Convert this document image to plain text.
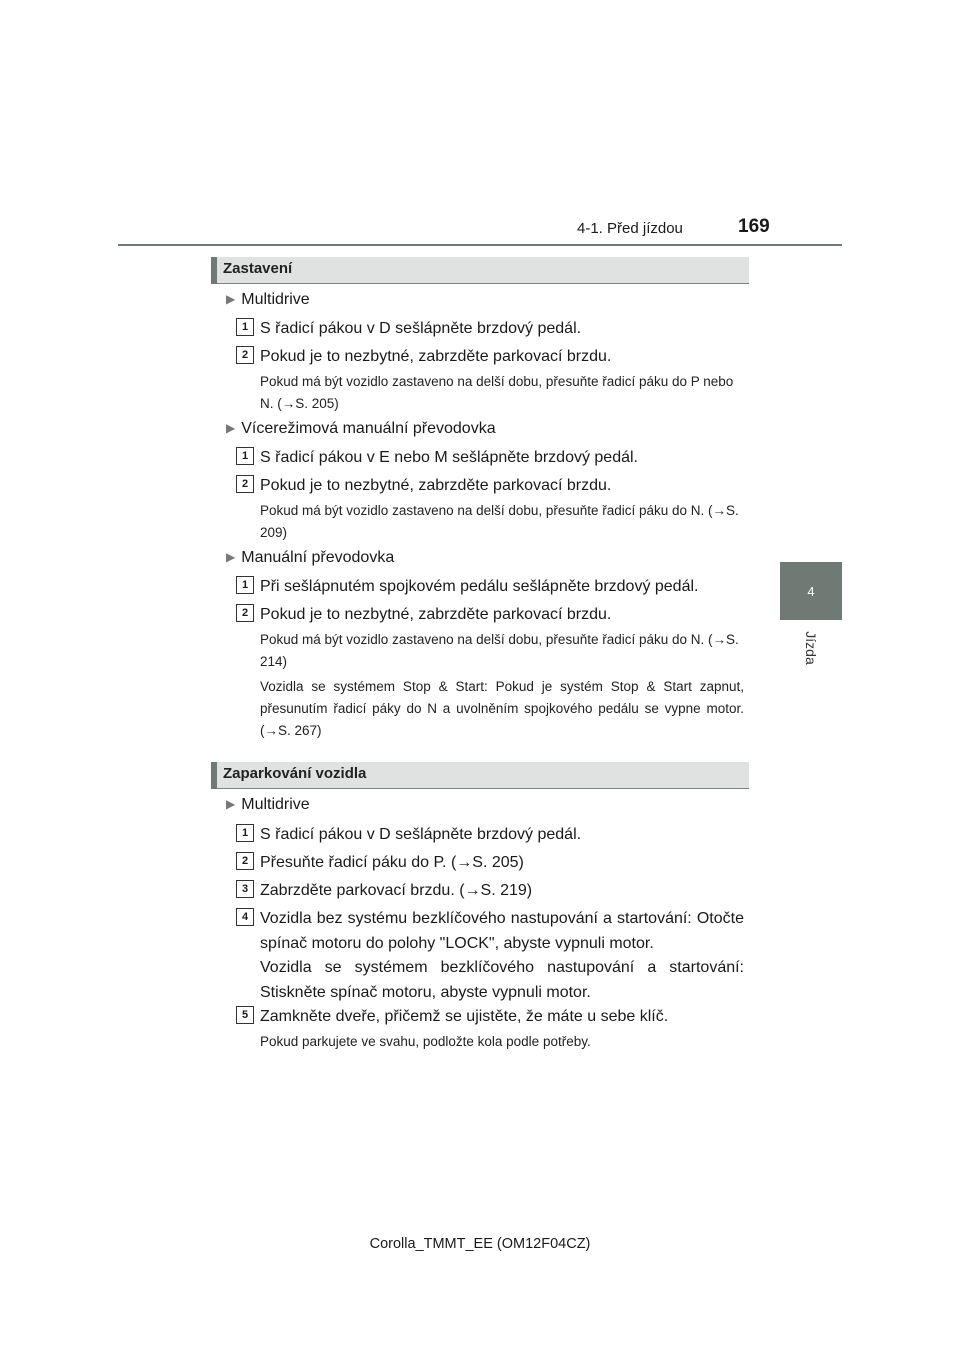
4-1. Před jízdou	169
4
Jízda
Zastavení
▶ Multidrive
1 S řadicí pákou v D sešlápněte brzdový pedál.
2 Pokud je to nezbytné, zabrzděte parkovací brzdu.
Pokud má být vozidlo zastaveno na delší dobu, přesuňte řadicí páku do P nebo N. (→S. 205)
▶ Vícerežimová manuální převodovka
1 S řadicí pákou v E nebo M sešlápněte brzdový pedál.
2 Pokud je to nezbytné, zabrzděte parkovací brzdu.
Pokud má být vozidlo zastaveno na delší dobu, přesuňte řadicí páku do N. (→S. 209)
▶ Manuální převodovka
1 Při sešlápnutém spojkovém pedálu sešlápněte brzdový pedál.
2 Pokud je to nezbytné, zabrzděte parkovací brzdu.
Pokud má být vozidlo zastaveno na delší dobu, přesuňte řadicí páku do N. (→S. 214)
Vozidla se systémem Stop & Start: Pokud je systém Stop & Start zapnut, přesunutím řadicí páky do N a uvolněním spojkového pedálu se vypne motor. (→S. 267)
Zaparkování vozidla
▶ Multidrive
1 S řadicí pákou v D sešlápněte brzdový pedál.
2 Přesuňte řadicí páku do P. (→S. 205)
3 Zabrzděte parkovací brzdu. (→S. 219)
4 Vozidla bez systému bezklíčového nastupování a startování: Otočte spínač motoru do polohy "LOCK", abyste vypnuli motor.
Vozidla se systémem bezklíčového nastupování a startování: Stiskněte spínač motoru, abyste vypnuli motor.
5 Zamkněte dveře, přičemž se ujistěte, že máte u sebe klíč.
Pokud parkujete ve svahu, podložte kola podle potřeby.
Corolla_TMMT_EE (OM12F04CZ)
